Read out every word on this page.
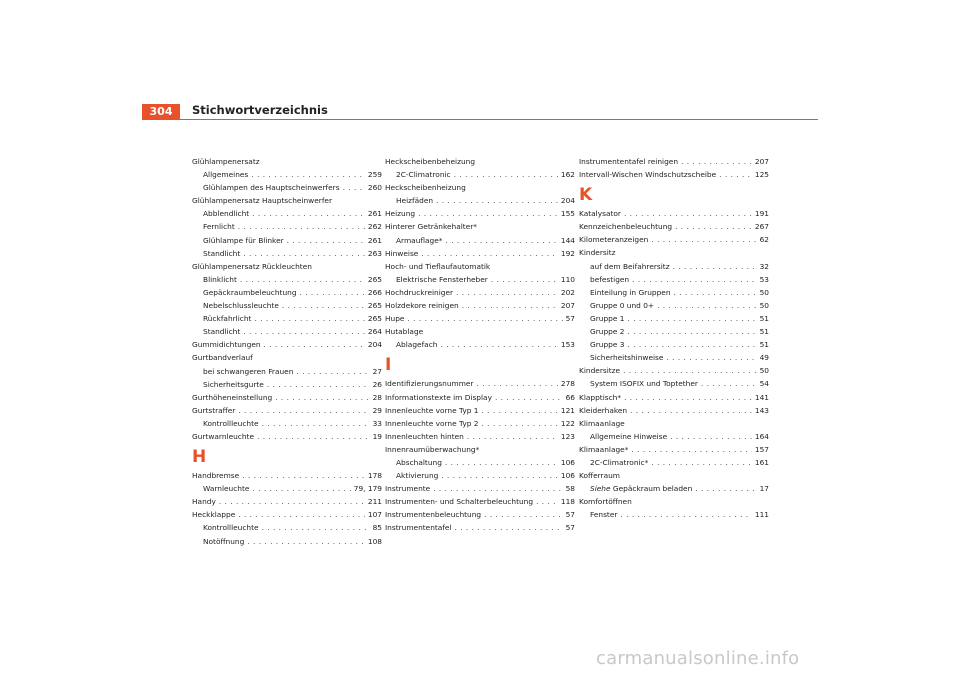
304	Stichwortverzeichnis
Glühlampenersatz
Allgemeines . . .	259
Glühlampen des Hauptscheinwerfers . . .	260
Glühlampenersatz Hauptscheinwerfer
Abblendlicht . . .	261
Fernlicht . . .	262
Glühlampe für Blinker . . .	261
Standlicht . . .	263
Glühlampenersatz Rückleuchten
Blinklicht . . .	265
Gepäckraumbeleuchtung . . .	266
Nebelschlussleuchte . . .	265
Rückfahrlicht . . .	265
Standlicht . . .	264
Gummidichtungen . . .	204
Gurtbandverlauf
bei schwangeren Frauen . . .	27
Sicherheitsgurte . . .	26
Gurthöheneinstellung . . .	28
Gurtstraffer . . .	29
Kontrollleuchte . . .	33
Gurtwarnleuchte . . .	19
H
Handbremse . . .	178
Warnleuchte . . .	79, 179
Handy . . .	211
Heckklappe . . .	107
Kontrollleuchte . . .	85
Notöffnung . . .	108
Heckscheibenbeheizung
2C-Climatronic . . .	162
Heckscheibenheizung
Heizfäden . . .	204
Heizung . . .	155
Hinterer Getränkehalter*
Armauflage* . . .	144
Hinweise . . .	192
Hoch- und Tieflaufautomatik
Elektrische Fensterheber . . .	110
Hochdruckreiniger . . .	202
Holzdekore reinigen . . .	207
Hupe . . .	57
Hutablage
Ablagefach . . .	153
I
Identifizierungsnummer . . .	278
Informationstexte im Display . . .	66
Innenleuchte vorne Typ 1 . . .	121
Innenleuchte vorne Typ 2 . . .	122
Innenleuchten hinten . . .	123
Innenraumüberwachung*
Abschaltung . . .	106
Aktivierung . . .	106
Instrumente . . .	58
Instrumenten- und Schalterbeleuchtung . . .	118
Instrumentenbeleuchtung . . .	57
Instrumententafel . . .	57
Instrumententafel reinigen . . .	207
Intervall-Wischen Windschutzscheibe . . .	125
K
Katalysator . . .	191
Kennzeichenbeleuchtung . . .	267
Kilometeranzeigen . . .	62
Kindersitz
auf dem Beifahrersitz . . .	32
befestigen . . .	53
Einteilung in Gruppen . . .	50
Gruppe 0 und 0+ . . .	50
Gruppe 1 . . .	51
Gruppe 2 . . .	51
Gruppe 3 . . .	51
Sicherheitshinweise . . .	49
Kindersitze . . .	50
System ISOFIX und Toptether . . .	54
Klapptisch* . . .	141
Kleiderhaken . . .	143
Klimaanlage
Allgemeine Hinweise . . .	164
Klimaanlage* . . .	157
2C-Climatronic* . . .	161
Kofferraum
Siehe Gepäckraum beladen . . .	17
Komfortöffnen
Fenster . . .	111
carmanualsonline.info
